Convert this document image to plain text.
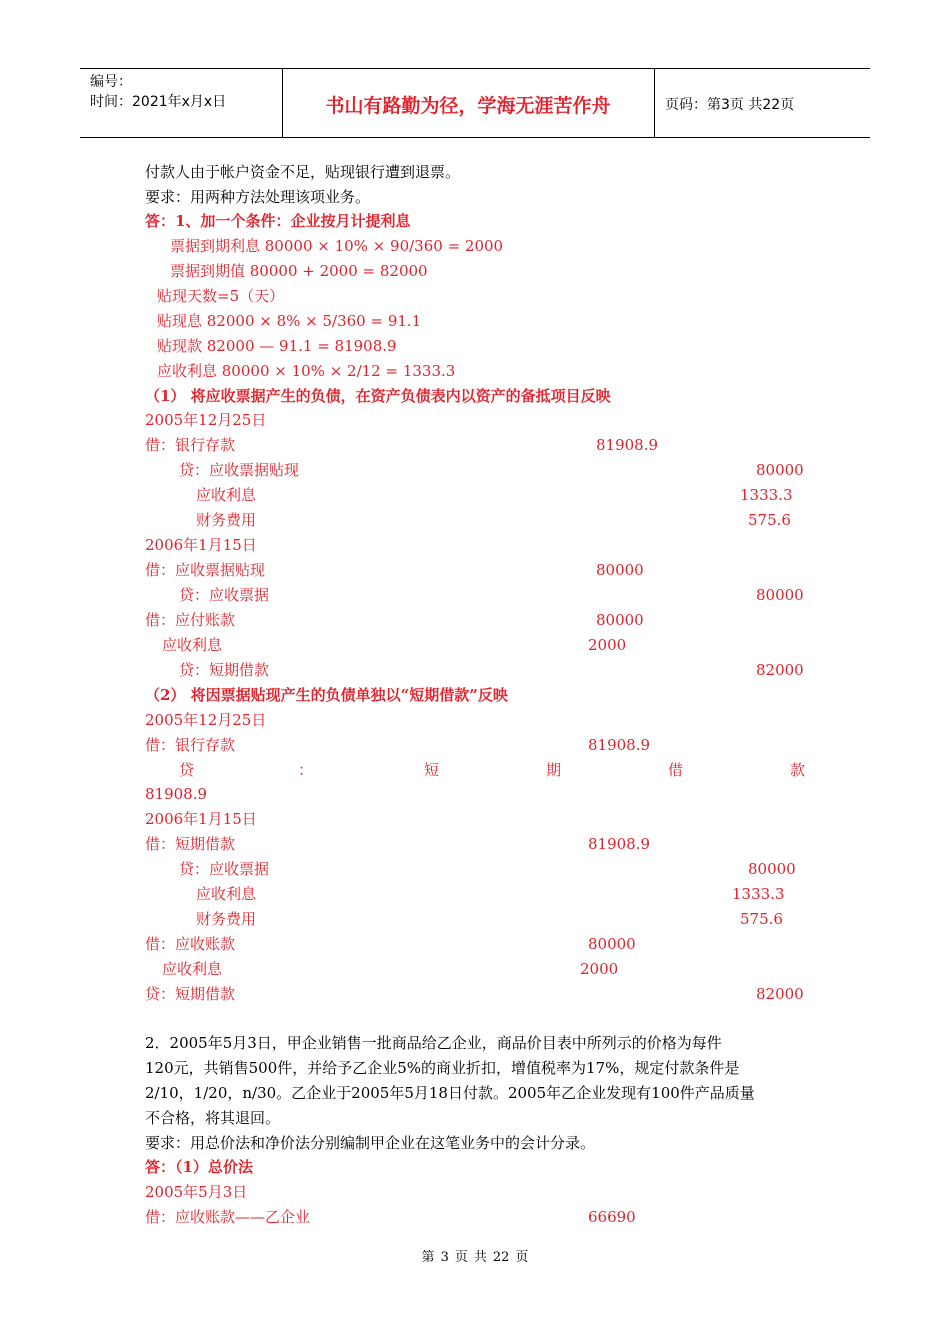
编号：
时间：2021年x月x日	书山有路勤为径，学海无涯苦作舟	页码：第3页 共22页
付款人由于帐户资金不足，贴现银行遭到退票。
要求：用两种方法处理该项业务。
答：1、加一个条件：企业按月计提利息
票据到期利息 80000 × 10% × 90/360 = 2000
票据到期值 80000 + 2000 = 82000
贴现天数=5（天）
贴现息 82000 × 8% × 5/360 = 91.1
贴现款 82000 — 91.1 = 81908.9
应收利息 80000 × 10% × 2/12 = 1333.3
（1） 将应收票据产生的负债，在资产负债表内以资产的备抵项目反映
2005年12月25日
借：银行存款	81908.9
贷：应收票据贴现	80000
应收利息	1333.3
财务费用	575.6
2006年1月15日
借：应收票据贴现	80000
贷：应收票据	80000
借：应付账款	80000
应收利息	2000
贷：短期借款	82000
（2） 将因票据贴现产生的负债单独以“短期借款”反映
2005年12月25日
借：银行存款	81908.9
贷	：	短	期	借	款
81908.9
2006年1月15日
借：短期借款	81908.9
贷：应收票据	80000
应收利息	1333.3
财务费用	575.6
借：应收账款	80000
应收利息	2000
贷：短期借款	82000
2．2005年5月3日，甲企业销售一批商品给乙企业，商品价目表中所列示的价格为每件
120元，共销售500件，并给予乙企业5%的商业折扣，增值税率为17%，规定付款条件是
2/10，1/20，n/30。乙企业于2005年5月18日付款。2005年乙企业发现有100件产品质量
不合格，将其退回。
要求：用总价法和净价法分别编制甲企业在这笔业务中的会计分录。
答：（1）总价法
2005年5月3日
借：应收账款——乙企业	66690
第 3 页 共 22 页
